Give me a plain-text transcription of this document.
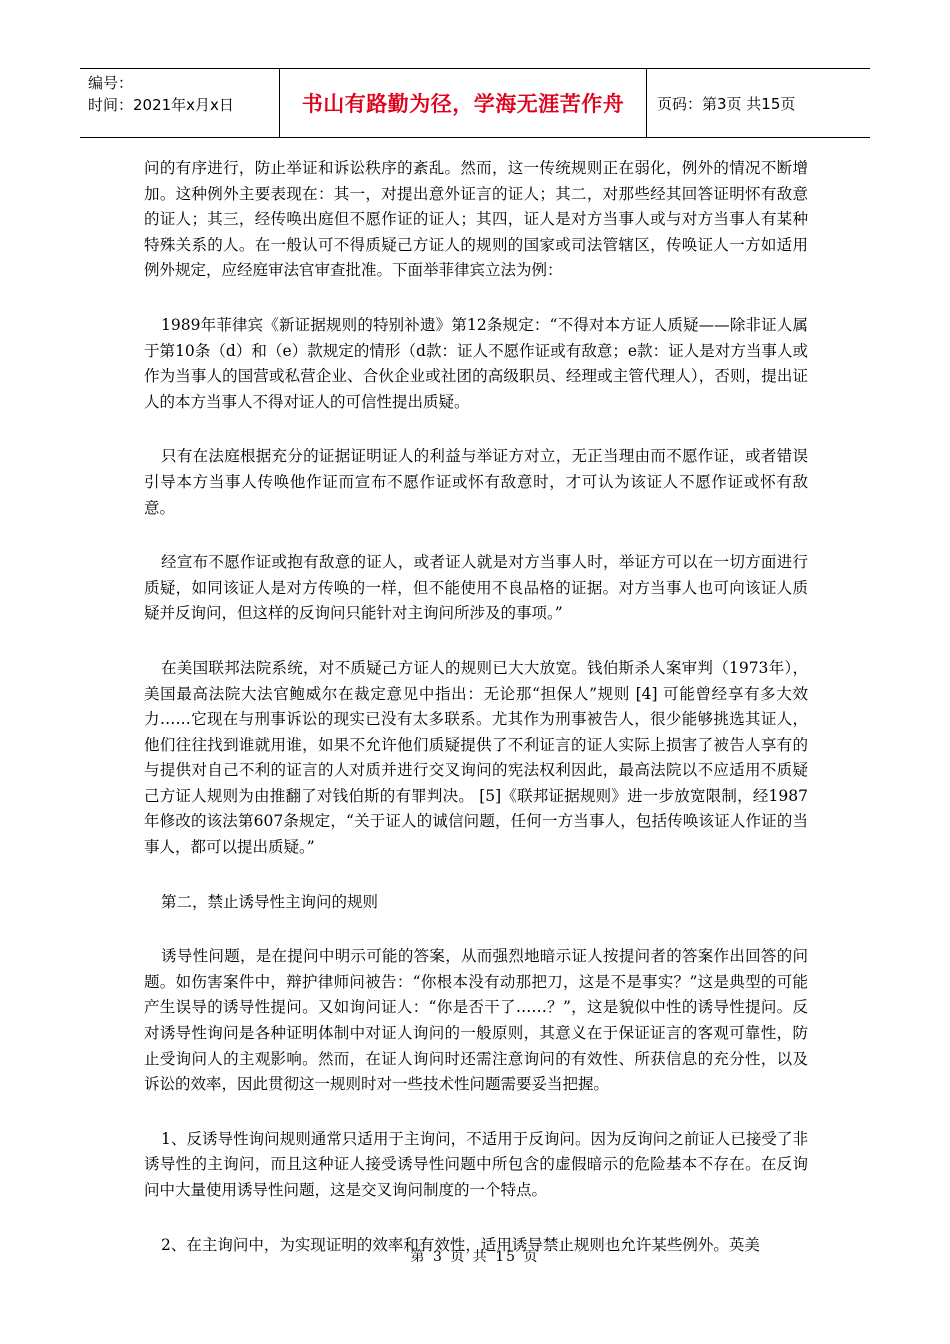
编号：
时间：2021年x月x日	书山有路勤为径，学海无涯苦作舟	页码：第3页 共15页

问的有序进行，防止举证和诉讼秩序的紊乱。然而，这一传统规则正在弱化，例外的情况不断增加。这种例外主要表现在：其一，对提出意外证言的证人；其二，对那些经其回答证明怀有敌意的证人；其三，经传唤出庭但不愿作证的证人；其四，证人是对方当事人或与对方当事人有某种特殊关系的人。在一般认可不得质疑己方证人的规则的国家或司法管辖区，传唤证人一方如适用例外规定，应经庭审法官审查批准。下面举菲律宾立法为例：

1989年菲律宾《新证据规则的特别补遗》第12条规定：“不得对本方证人质疑——除非证人属于第10条（d）和（e）款规定的情形（d款：证人不愿作证或有敌意；e款：证人是对方当事人或作为当事人的国营或私营企业、合伙企业或社团的高级职员、经理或主管代理人），否则，提出证人的本方当事人不得对证人的可信性提出质疑。

只有在法庭根据充分的证据证明证人的利益与举证方对立，无正当理由而不愿作证，或者错误引导本方当事人传唤他作证而宣布不愿作证或怀有敌意时，才可认为该证人不愿作证或怀有敌意。

经宣布不愿作证或抱有敌意的证人，或者证人就是对方当事人时，举证方可以在一切方面进行质疑，如同该证人是对方传唤的一样，但不能使用不良品格的证据。对方当事人也可向该证人质疑并反询问，但这样的反询问只能针对主询问所涉及的事项。”

在美国联邦法院系统，对不质疑己方证人的规则已大大放宽。钱伯斯杀人案审判（1973年），美国最高法院大法官鲍威尔在裁定意见中指出：无论那“担保人”规则 [4] 可能曾经享有多大效力……它现在与刑事诉讼的现实已没有太多联系。尤其作为刑事被告人，很少能够挑选其证人，他们往往找到谁就用谁，如果不允许他们质疑提供了不利证言的证人实际上损害了被告人享有的与提供对自己不利的证言的人对质并进行交叉询问的宪法权利因此，最高法院以不应适用不质疑己方证人规则为由推翻了对钱伯斯的有罪判决。 [5]《联邦证据规则》进一步放宽限制，经1987年修改的该法第607条规定，“关于证人的诚信问题，任何一方当事人，包括传唤该证人作证的当事人，都可以提出质疑。”

第二，禁止诱导性主询问的规则

诱导性问题，是在提问中明示可能的答案，从而强烈地暗示证人按提问者的答案作出回答的问题。如伤害案件中，辩护律师问被告：“你根本没有动那把刀，这是不是事实？”这是典型的可能产生误导的诱导性提问。又如询问证人：“你是否干了……？”，这是貌似中性的诱导性提问。反对诱导性询问是各种证明体制中对证人询问的一般原则，其意义在于保证证言的客观可靠性，防止受询问人的主观影响。然而，在证人询问时还需注意询问的有效性、所获信息的充分性，以及诉讼的效率，因此贯彻这一规则时对一些技术性问题需要妥当把握。

1、反诱导性询问规则通常只适用于主询问，不适用于反询问。因为反询问之前证人已接受了非诱导性的主询问，而且这种证人接受诱导性问题中所包含的虚假暗示的危险基本不存在。在反询问中大量使用诱导性问题，这是交叉询问制度的一个特点。

2、在主询问中，为实现证明的效率和有效性，适用诱导禁止规则也允许某些例外。英美

第 3 页 共 15 页
